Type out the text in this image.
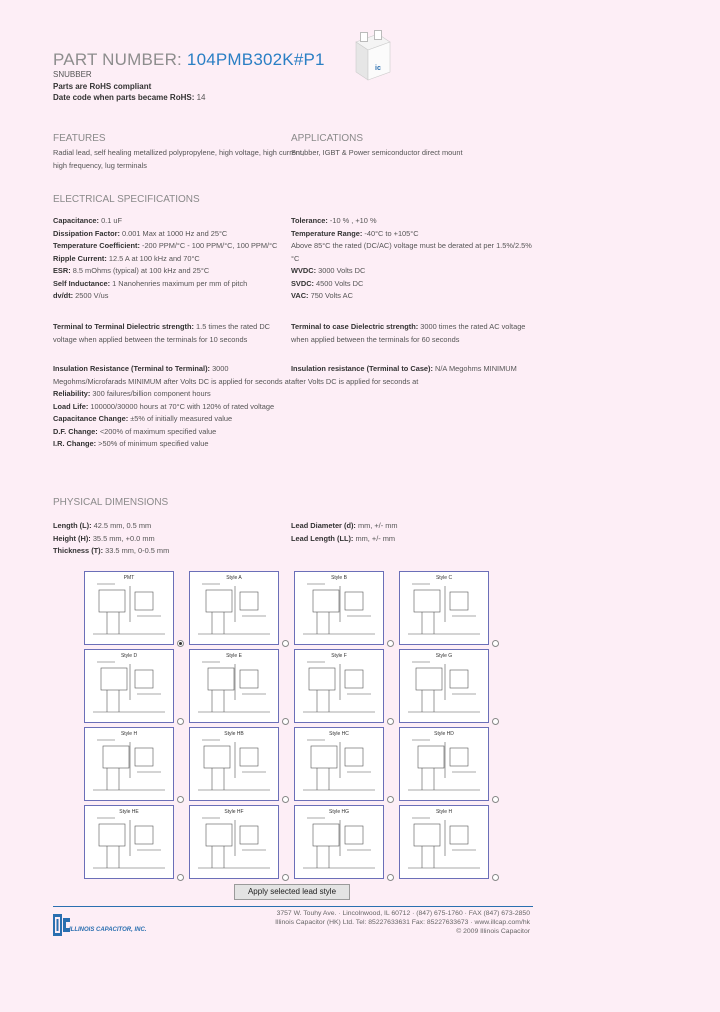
PART NUMBER: 104PMB302K#P1	ic
SNUBBER
Parts are RoHS compliant
Date code when parts became RoHS: 14
FEATURES
Radial lead, self healing metallized polypropylene, high voltage, high current,
high frequency, lug terminals
APPLICATIONS
Snubber, IGBT & Power semiconductor direct mount
ELECTRICAL SPECIFICATIONS
Capacitance: 0.1 uF
Dissipation Factor: 0.001 Max at 1000 Hz and 25°C
Temperature Coefficient: -200 PPM/°C - 100 PPM/°C, 100 PPM/°C
Ripple Current: 12.5 A at 100 kHz and 70°C
ESR: 8.5 mOhms (typical) at 100 kHz and 25°C
Self Inductance: 1 Nanohenries maximum per mm of pitch
dv/dt: 2500 V/us
Tolerance: -10 % , +10 %
Temperature Range: -40°C to +105°C
Above 85°C the rated (DC/AC) voltage must be derated at per 1.5%/2.5%
°C
WVDC: 3000 Volts DC
SVDC: 4500 Volts DC
VAC: 750 Volts AC
Terminal to Terminal Dielectric strength: 1.5 times the rated DC
voltage when applied between the terminals for 10 seconds
Terminal to case Dielectric strength: 3000 times the rated AC voltage
when applied between the terminals for 60 seconds
Insulation Resistance (Terminal to Terminal): 3000
Megohms/Microfarads MINIMUM after Volts DC is applied for seconds at
Insulation resistance (Terminal to Case): N/A Megohms MINIMUM
after Volts DC is applied for seconds at
Reliability: 300 failures/billion component hours
Load Life: 100000/30000 hours at 70°C with 120% of rated voltage
Capacitance Change: ±5% of initially measured value
D.F. Change: <200% of maximum specified value
I.R. Change: >50% of minimum specified value
PHYSICAL DIMENSIONS
Length (L): 42.5 mm, 0.5 mm
Height (H): 35.5 mm, +0.0 mm
Thickness (T): 33.5 mm, 0-0.5 mm
Lead Diameter (d): mm, +/- mm
Lead Length (LL): mm, +/- mm
PMT	Style A	Style B	Style C
Style D	Style E	Style F	Style G
Style H	Style HB	Style HC	Style HD
Style HE	Style HF	Style HG	Style H
Apply selected lead style
ILLINOIS CAPACITOR, INC.
3757 W. Touhy Ave. · Lincolnwood, IL 60712 · (847) 675-1760 · FAX (847) 673-2850
Illinois Capacitor (HK) Ltd. Tel: 85227633631 Fax: 85227633673 · www.illcap.com/hk
© 2009 Illinois Capacitor
